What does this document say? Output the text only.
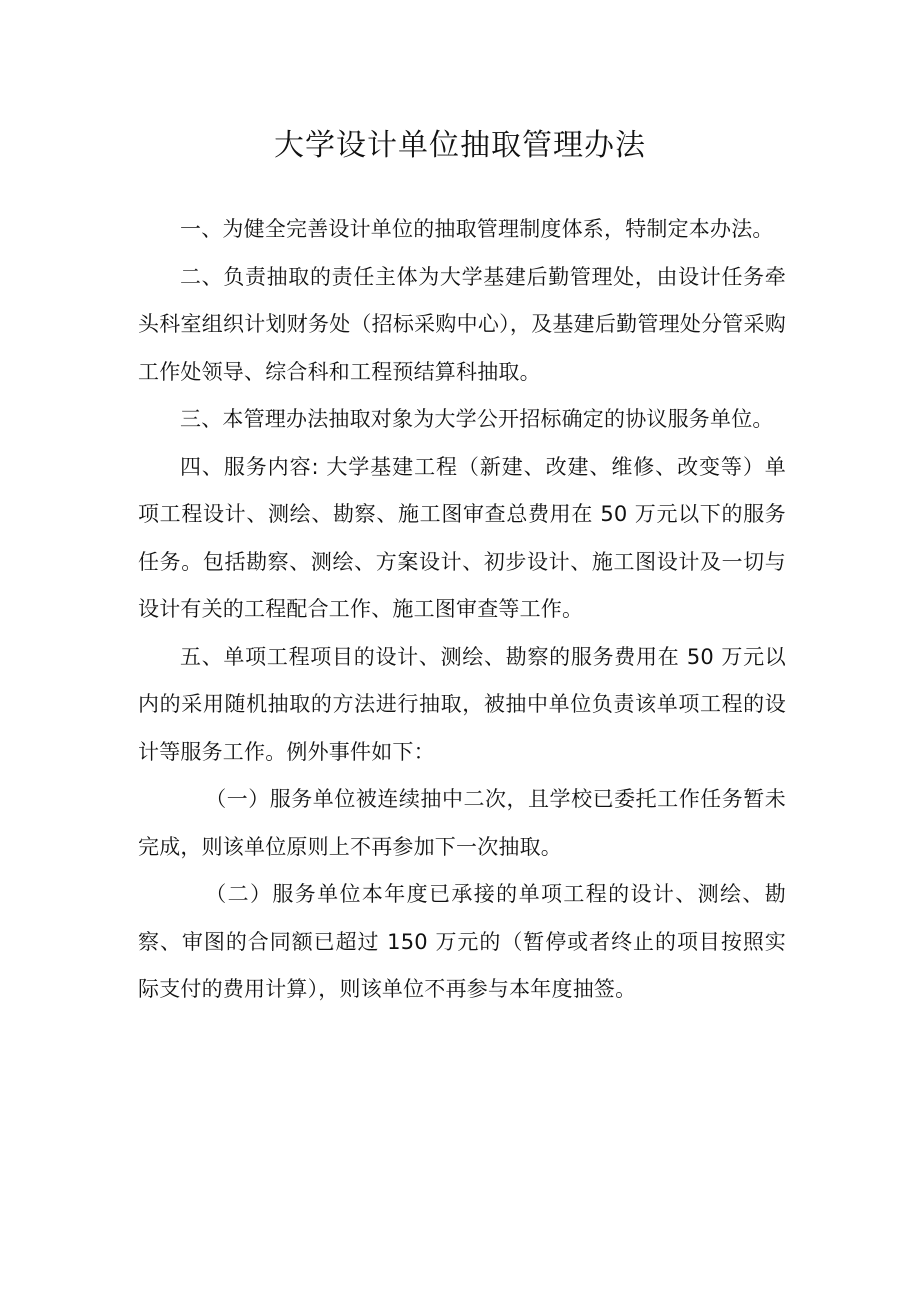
大学设计单位抽取管理办法

一、为健全完善设计单位的抽取管理制度体系，特制定本办法。

二、负责抽取的责任主体为大学基建后勤管理处，由设计任务牵头科室组织计划财务处（招标采购中心），及基建后勤管理处分管采购工作处领导、综合科和工程预结算科抽取。

三、本管理办法抽取对象为大学公开招标确定的协议服务单位。

四、服务内容: 大学基建工程（新建、改建、维修、改变等）单项工程设计、测绘、勘察、施工图审查总费用在 50 万元以下的服务任务。包括勘察、测绘、方案设计、初步设计、施工图设计及一切与设计有关的工程配合工作、施工图审查等工作。

五、单项工程项目的设计、测绘、勘察的服务费用在 50 万元以内的采用随机抽取的方法进行抽取，被抽中单位负责该单项工程的设计等服务工作。例外事件如下：

（一）服务单位被连续抽中二次，且学校已委托工作任务暂未完成，则该单位原则上不再参加下一次抽取。

（二）服务单位本年度已承接的单项工程的设计、测绘、勘察、审图的合同额已超过 150 万元的（暂停或者终止的项目按照实际支付的费用计算），则该单位不再参与本年度抽签。
